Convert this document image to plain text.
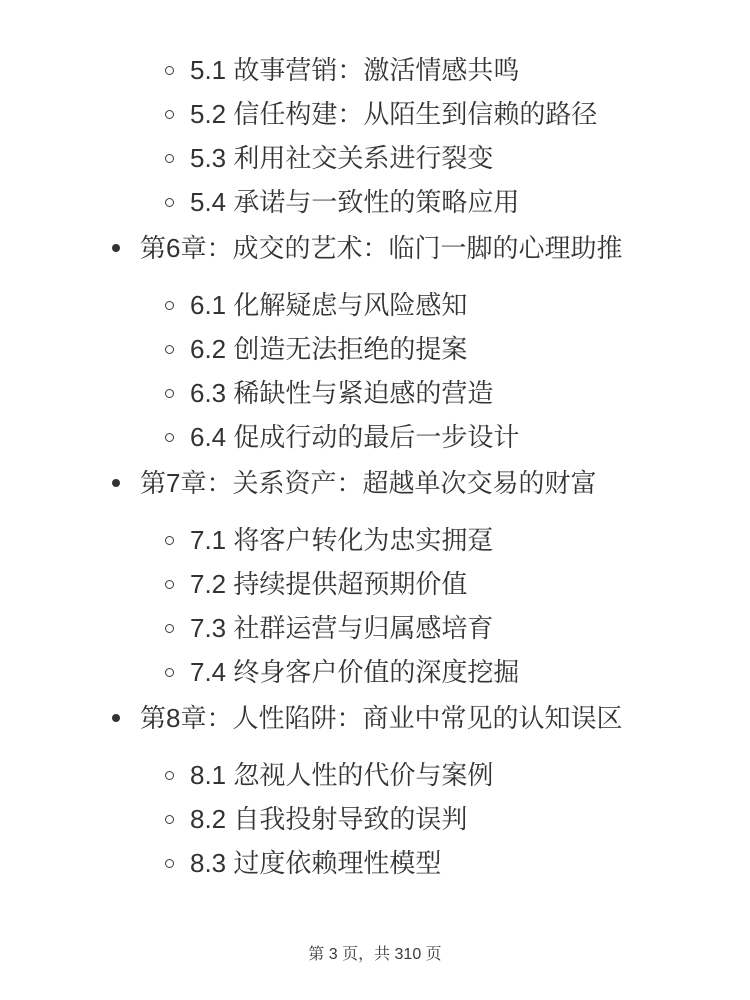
5.1 故事营销：激活情感共鸣
5.2 信任构建：从陌生到信赖的路径
5.3 利用社交关系进行裂变
5.4 承诺与一致性的策略应用
第6章：成交的艺术：临门一脚的心理助推
6.1 化解疑虑与风险感知
6.2 创造无法拒绝的提案
6.3 稀缺性与紧迫感的营造
6.4 促成行动的最后一步设计
第7章：关系资产：超越单次交易的财富
7.1 将客户转化为忠实拥趸
7.2 持续提供超预期价值
7.3 社群运营与归属感培育
7.4 终身客户价值的深度挖掘
第8章：人性陷阱：商业中常见的认知误区
8.1 忽视人性的代价与案例
8.2 自我投射导致的误判
8.3 过度依赖理性模型
第 3 页，共 310 页
